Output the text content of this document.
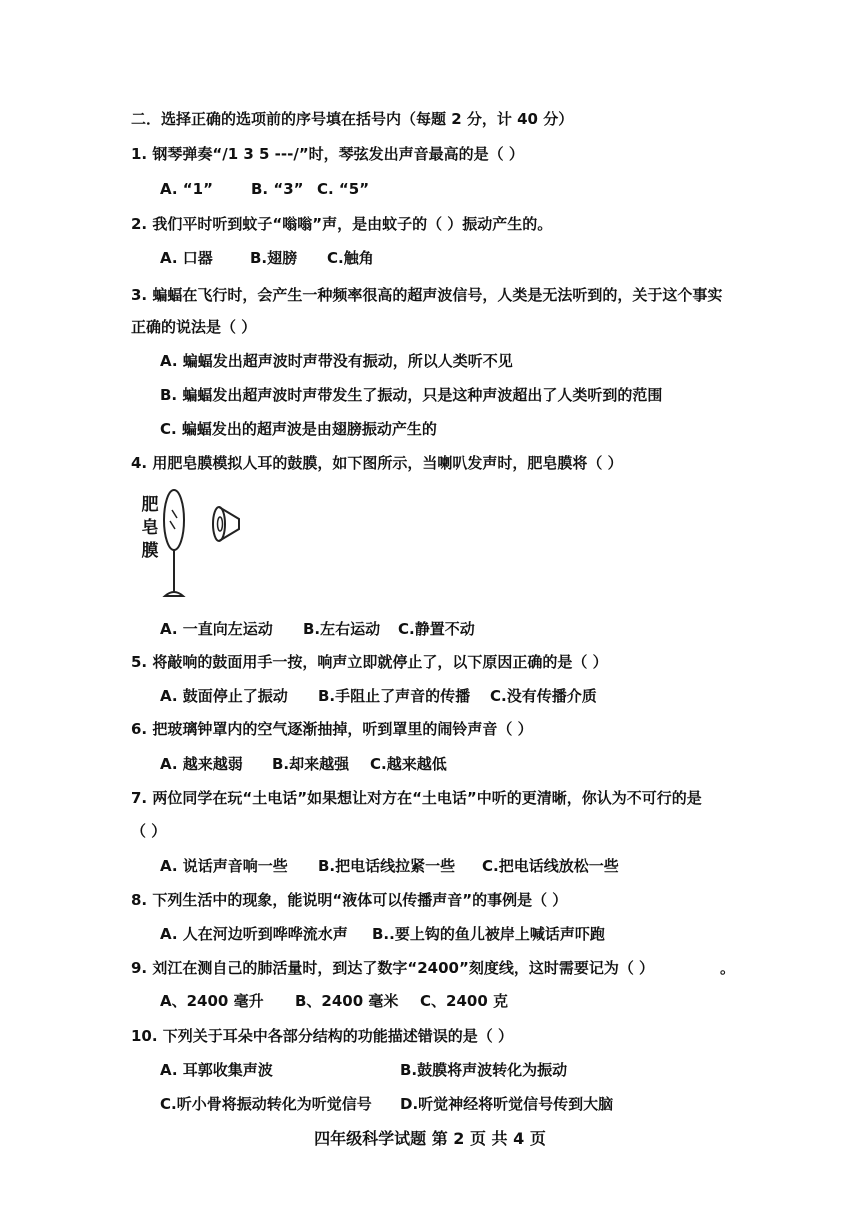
二．选择正确的选项前的序号填在括号内（每题 2 分，计 40 分）
1. 钢琴弹奏“/1 3 5 ---/”时，琴弦发出声音最高的是（ ）
A. “1”	B. “3” C. “5”
2. 我们平时听到蚊子“嗡嗡”声，是由蚊子的（ ）振动产生的。
A. 口器 B.翅膀 C.触角
3. 蝙蝠在飞行时，会产生一种频率很高的超声波信号，人类是无法听到的，关于这个事实
正确的说法是（ ）
A. 蝙蝠发出超声波时声带没有振动，所以人类听不见
B. 蝙蝠发出超声波时声带发生了振动，只是这种声波超出了人类听到的范围
C. 蝙蝠发出的超声波是由翅膀振动产生的
4. 用肥皂膜模拟人耳的鼓膜，如下图所示，当喇叭发声时，肥皂膜将（ ）
肥
皂
膜
A. 一直向左运动 B.左右运动 C.静置不动
5. 将敲响的鼓面用手一按，响声立即就停止了，以下原因正确的是（ ）
A. 鼓面停止了振动 B.手阻止了声音的传播 C.没有传播介质
6. 把玻璃钟罩内的空气逐渐抽掉，听到罩里的闹铃声音（ ）
A. 越来越弱 B.却来越强 C.越来越低
7. 两位同学在玩“土电话”如果想让对方在“土电话”中听的更清晰，你认为不可行的是
（ ）
A. 说话声音响一些 B.把电话线拉紧一些 C.把电话线放松一些
8. 下列生活中的现象，能说明“液体可以传播声音”的事例是（ ）
A. 人在河边听到哗哗流水声 B..要上钩的鱼儿被岸上喊话声吓跑
9. 刘江在测自己的肺活量时，到达了数字“2400”刻度线，这时需要记为（ ）	。
A、2400 毫升 B、2400 毫米 C、2400 克
10. 下列关于耳朵中各部分结构的功能描述错误的是（ ）
A. 耳郭收集声波	B.鼓膜将声波转化为振动
C.听小骨将振动转化为听觉信号 D.听觉神经将听觉信号传到大脑
四年级科学试题 第 2 页 共 4 页
